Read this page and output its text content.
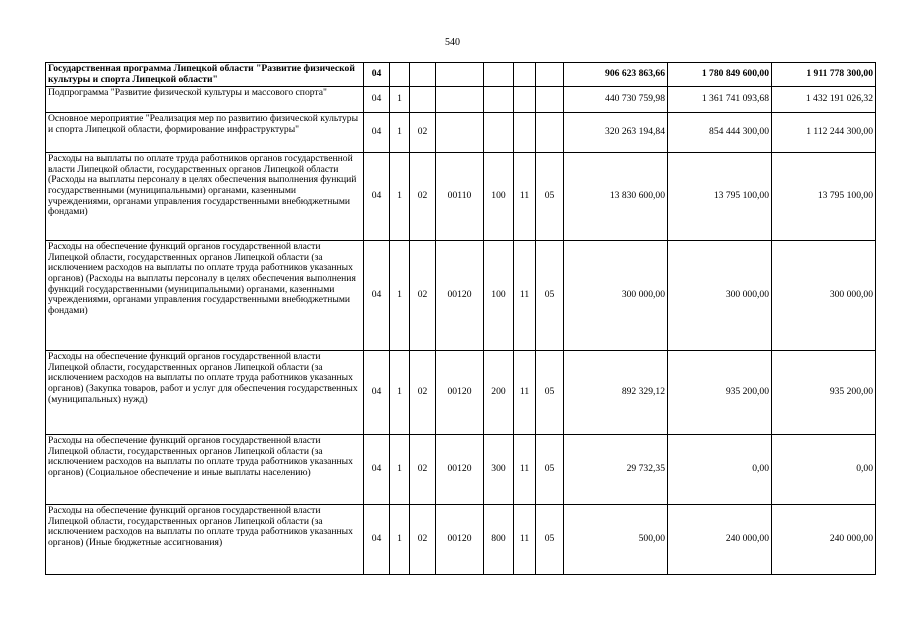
540
Государственная программа Липецкой области "Развитие физической культуры и спорта Липецкой области"	04							906 623 863,66	1 780 849 600,00	1 911 778 300,00
Подпрограмма "Развитие физической культуры и массового спорта"	04	1						440 730 759,98	1 361 741 093,68	1 432 191 026,32
Основное мероприятие "Реализация мер по развитию физической культуры и спорта Липецкой области, формирование инфраструктуры"	04	1	02					320 263 194,84	854 444 300,00	1 112 244 300,00
Расходы на выплаты по оплате труда работников органов государственной власти Липецкой области, государственных органов Липецкой области (Расходы на выплаты персоналу в целях обеспечения выполнения функций государственными (муниципальными) органами, казенными учреждениями, органами управления государственными внебюджетными фондами)	04	1	02	00110	100	11	05	13 830 600,00	13 795 100,00	13 795 100,00
Расходы на обеспечение функций органов государственной власти Липецкой области, государственных органов Липецкой области (за исключением расходов на выплаты по оплате труда работников указанных органов) (Расходы на выплаты персоналу в целях обеспечения выполнения функций государственными (муниципальными) органами, казенными учреждениями, органами управления государственными внебюджетными фондами)	04	1	02	00120	100	11	05	300 000,00	300 000,00	300 000,00
Расходы на обеспечение функций органов государственной власти Липецкой области, государственных органов Липецкой области (за исключением расходов на выплаты по оплате труда работников указанных органов) (Закупка товаров, работ и услуг для обеспечения государственных (муниципальных) нужд)	04	1	02	00120	200	11	05	892 329,12	935 200,00	935 200,00
Расходы на обеспечение функций органов государственной власти Липецкой области, государственных органов Липецкой области (за исключением расходов на выплаты по оплате труда работников указанных органов) (Социальное обеспечение и иные выплаты населению)	04	1	02	00120	300	11	05	29 732,35	0,00	0,00
Расходы на обеспечение функций органов государственной власти Липецкой области, государственных органов Липецкой области (за исключением расходов на выплаты по оплате труда работников указанных органов) (Иные бюджетные ассигнования)	04	1	02	00120	800	11	05	500,00	240 000,00	240 000,00
